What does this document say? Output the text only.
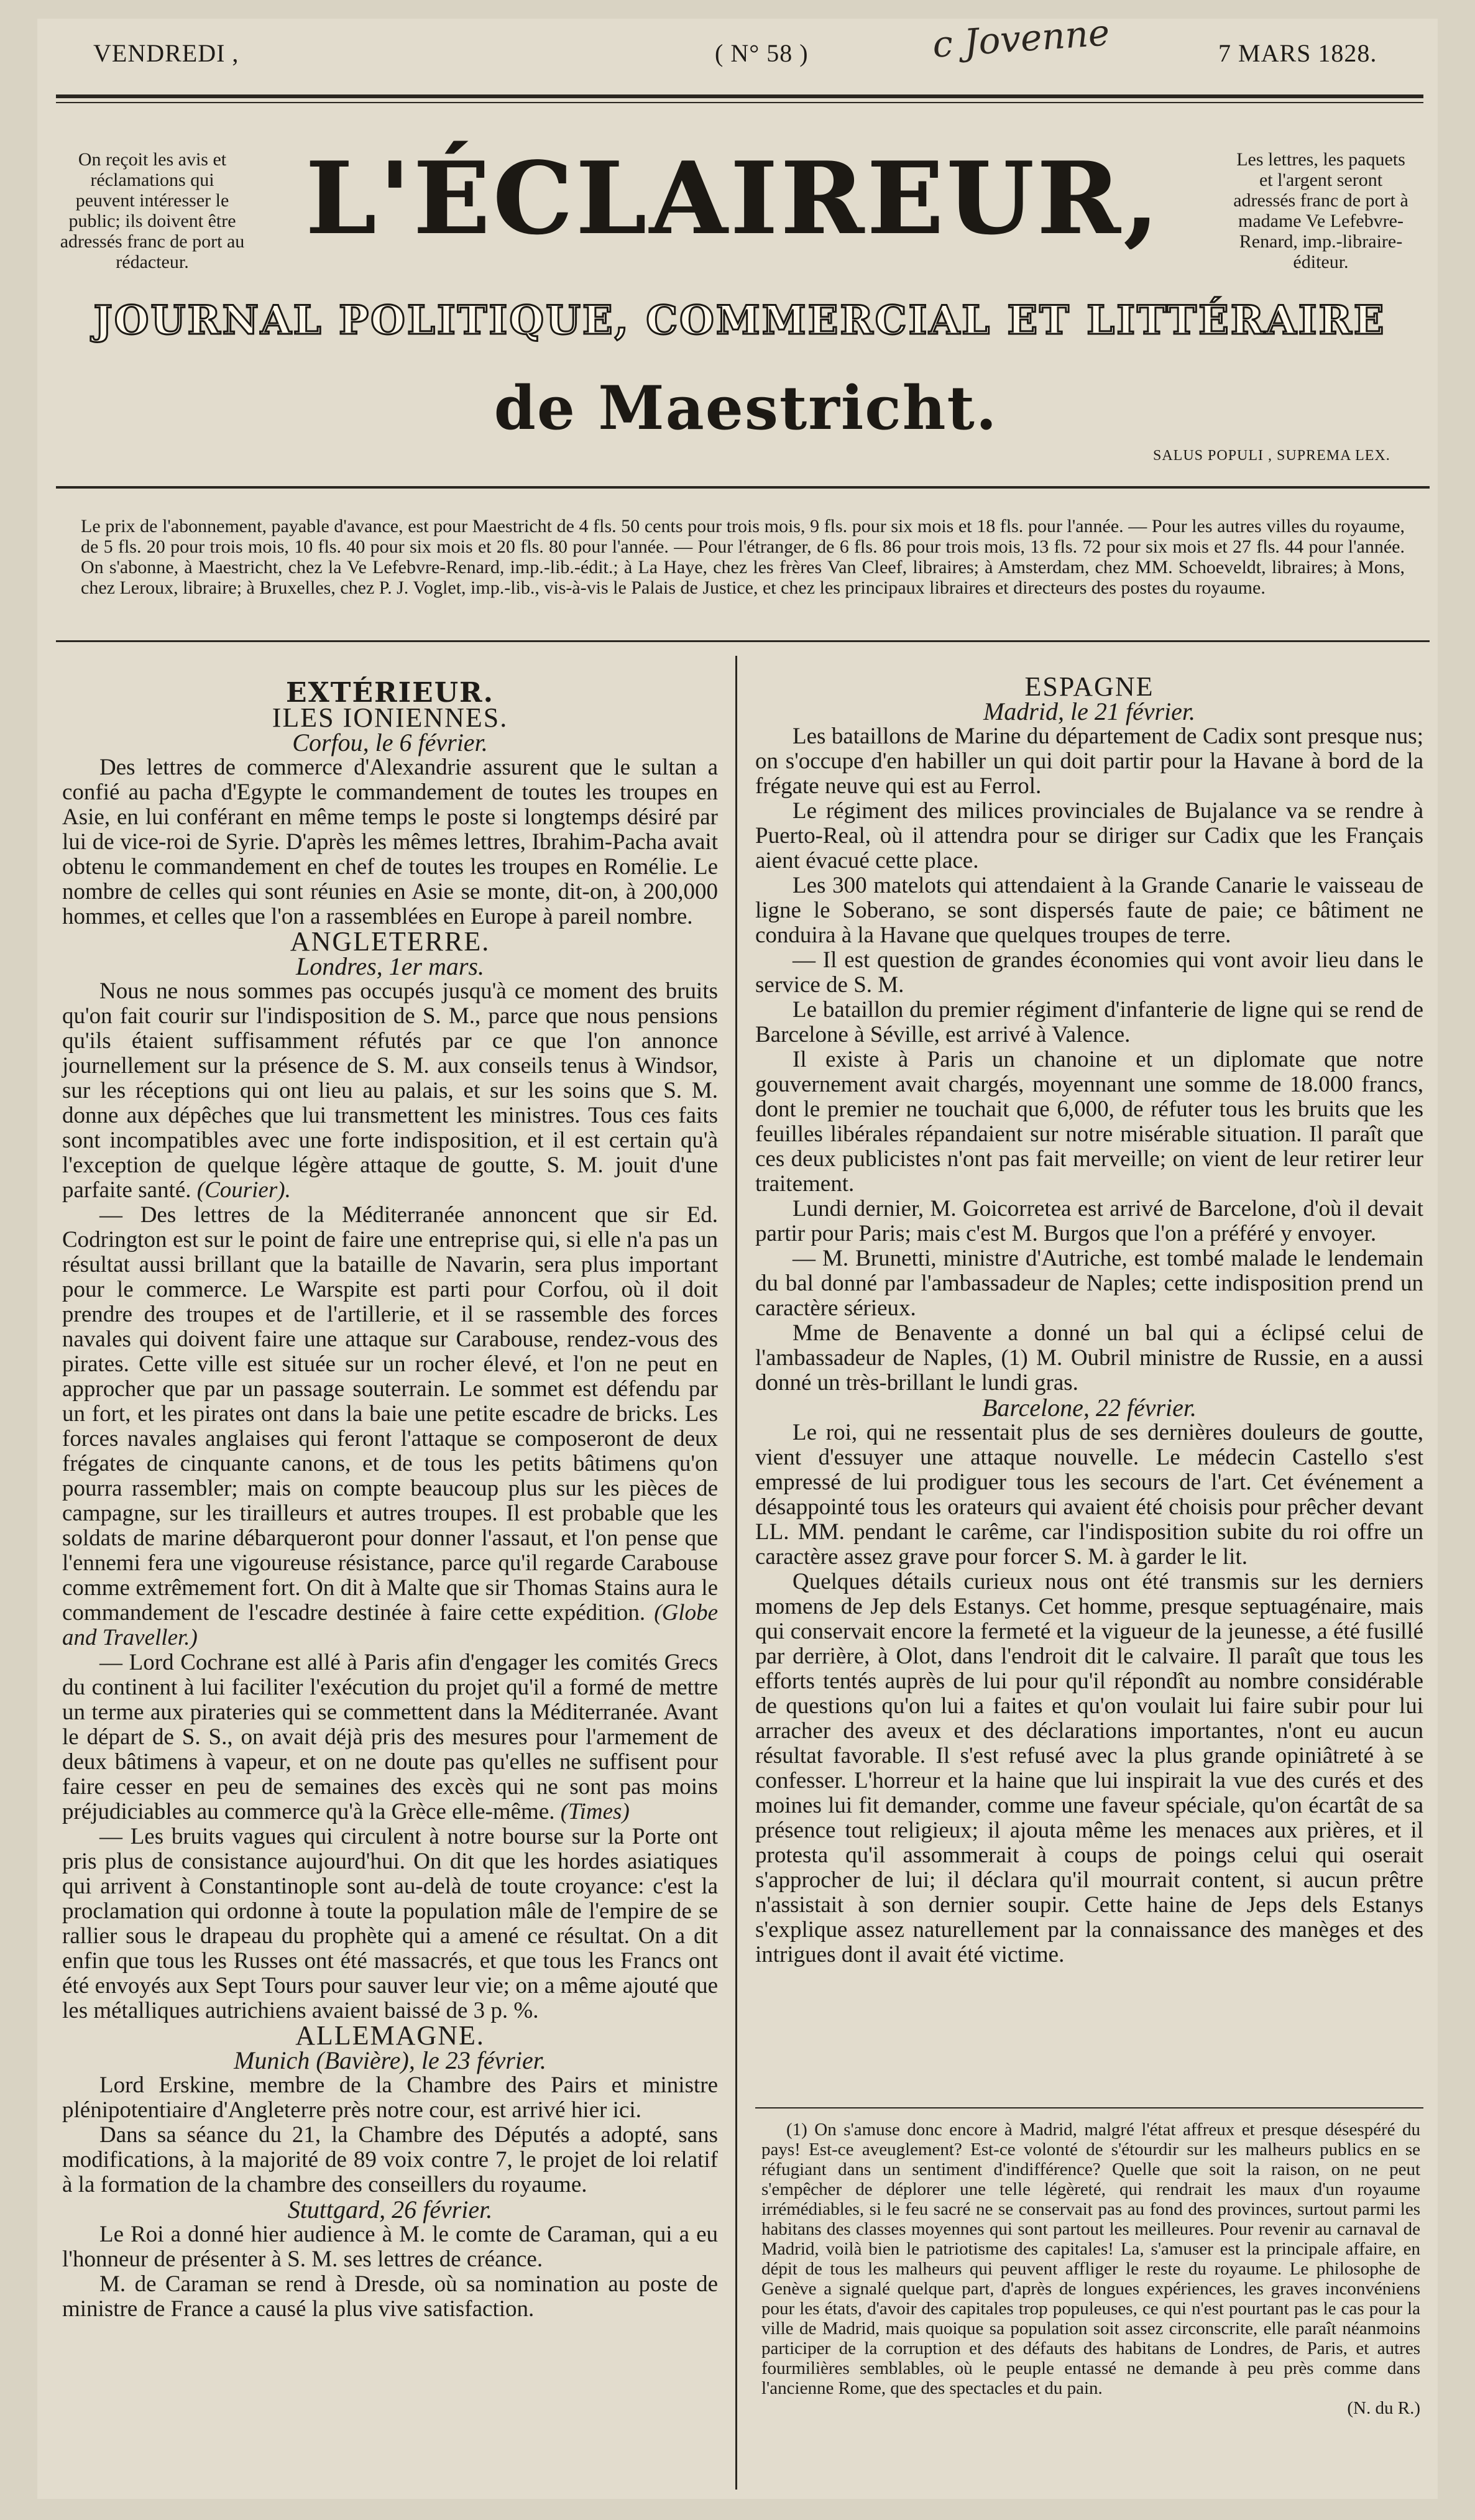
VENDREDI ,	( N° 58 )	c Jovenne	7 MARS 1828.
On reçoit les avis et réclamations qui peuvent intéresser le public; ils doivent être adressés franc de port au rédacteur.
L'ÉCLAIREUR,	Les lettres, les paquets et l'argent seront adressés franc de port à madame Ve Lefebvre-Renard, imp.-libraire-éditeur.
JOURNAL POLITIQUE, COMMERCIAL ET LITTÉRAIRE
de Maestricht.
SALUS POPULI , SUPREMA LEX.
Le prix de l'abonnement, payable d'avance, est pour Maestricht de 4 fls. 50 cents pour trois mois, 9 fls. pour six mois et 18 fls. pour l'année. — Pour les autres villes du royaume, de 5 fls. 20 pour trois mois, 10 fls. 40 pour six mois et 20 fls. 80 pour l'année. — Pour l'étranger, de 6 fls. 86 pour trois mois, 13 fls. 72 pour six mois et 27 fls. 44 pour l'année. On s'abonne, à Maestricht, chez la Ve Lefebvre-Renard, imp.-lib.-édit.; à La Haye, chez les frères Van Cleef, libraires; à Amsterdam, chez MM. Schoeveldt, libraires; à Mons, chez Leroux, libraire; à Bruxelles, chez P. J. Voglet, imp.-lib., vis-à-vis le Palais de Justice, et chez les principaux libraires et directeurs des postes du royaume.
EXTÉRIEUR.
ILES IONIENNES.
Corfou, le 6 février.

Des lettres de commerce d'Alexandrie assurent que le sultan a confié au pacha d'Egypte le commandement de toutes les troupes en Asie, en lui conférant en même temps le poste si longtemps désiré par lui de vice-roi de Syrie. D'après les mêmes lettres, Ibrahim-Pacha avait obtenu le commandement en chef de toutes les troupes en Romélie. Le nombre de celles qui sont réunies en Asie se monte, dit-on, à 200,000 hommes, et celles que l'on a rassemblées en Europe à pareil nombre.

ANGLETERRE.
Londres, 1er mars.

Nous ne nous sommes pas occupés jusqu'à ce moment des bruits qu'on fait courir sur l'indisposition de S. M., parce que nous pensions qu'ils étaient suffisamment réfutés par ce que l'on annonce journellement sur la présence de S. M. aux conseils tenus à Windsor, sur les réceptions qui ont lieu au palais, et sur les soins que S. M. donne aux dépêches que lui transmettent les ministres. Tous ces faits sont incompatibles avec une forte indisposition, et il est certain qu'à l'exception de quelque légère attaque de goutte, S. M. jouit d'une parfaite santé. (Courier).

— Des lettres de la Méditerranée annoncent que sir Ed. Codrington est sur le point de faire une entreprise qui, si elle n'a pas un résultat aussi brillant que la bataille de Navarin, sera plus important pour le commerce. Le Warspite est parti pour Corfou, où il doit prendre des troupes et de l'artillerie, et il se rassemble des forces navales qui doivent faire une attaque sur Carabouse, rendez-vous des pirates. Cette ville est située sur un rocher élevé, et l'on ne peut en approcher que par un passage souterrain. Le sommet est défendu par un fort, et les pirates ont dans la baie une petite escadre de bricks. Les forces navales anglaises qui feront l'attaque se composeront de deux frégates de cinquante canons, et de tous les petits bâtimens qu'on pourra rassembler; mais on compte beaucoup plus sur les pièces de campagne, sur les tirailleurs et autres troupes. Il est probable que les soldats de marine débarqueront pour donner l'assaut, et l'on pense que l'ennemi fera une vigoureuse résistance, parce qu'il regarde Carabouse comme extrêmement fort. On dit à Malte que sir Thomas Stains aura le commandement de l'escadre destinée à faire cette expédition. (Globe and Traveller.)

— Lord Cochrane est allé à Paris afin d'engager les comités Grecs du continent à lui faciliter l'exécution du projet qu'il a formé de mettre un terme aux pirateries qui se commettent dans la Méditerranée. Avant le départ de S. S., on avait déjà pris des mesures pour l'armement de deux bâtimens à vapeur, et on ne doute pas qu'elles ne suffisent pour faire cesser en peu de semaines des excès qui ne sont pas moins préjudiciables au commerce qu'à la Grèce elle-même. (Times)

— Les bruits vagues qui circulent à notre bourse sur la Porte ont pris plus de consistance aujourd'hui. On dit que les hordes asiatiques qui arrivent à Constantinople sont au-delà de toute croyance: c'est la proclamation qui ordonne à toute la population mâle de l'empire de se rallier sous le drapeau du prophète qui a amené ce résultat. On a dit enfin que tous les Russes ont été massacrés, et que tous les Francs ont été envoyés aux Sept Tours pour sauver leur vie; on a même ajouté que les métalliques autrichiens avaient baissé de 3 p. %.

ALLEMAGNE.
Munich (Bavière), le 23 février.

Lord Erskine, membre de la Chambre des Pairs et ministre plénipotentiaire d'Angleterre près notre cour, est arrivé hier ici.

Dans sa séance du 21, la Chambre des Députés a adopté, sans modifications, à la majorité de 89 voix contre 7, le projet de loi relatif à la formation de la chambre des conseillers du royaume.

Stuttgard, 26 février.

Le Roi a donné hier audience à M. le comte de Caraman, qui a eu l'honneur de présenter à S. M. ses lettres de créance.

M. de Caraman se rend à Dresde, où sa nomination au poste de ministre de France a causé la plus vive satisfaction.

ESPAGNE
Madrid, le 21 février.

Les bataillons de Marine du département de Cadix sont presque nus; on s'occupe d'en habiller un qui doit partir pour la Havane à bord de la frégate neuve qui est au Ferrol.

Le régiment des milices provinciales de Bujalance va se rendre à Puerto-Real, où il attendra pour se diriger sur Cadix que les Français aient évacué cette place.

Les 300 matelots qui attendaient à la Grande Canarie le vaisseau de ligne le Soberano, se sont dispersés faute de paie; ce bâtiment ne conduira à la Havane que quelques troupes de terre.

— Il est question de grandes économies qui vont avoir lieu dans le service de S. M.

Le bataillon du premier régiment d'infanterie de ligne qui se rend de Barcelone à Séville, est arrivé à Valence.

Il existe à Paris un chanoine et un diplomate que notre gouvernement avait chargés, moyennant une somme de 18.000 francs, dont le premier ne touchait que 6,000, de réfuter tous les bruits que les feuilles libérales répandaient sur notre misérable situation. Il paraît que ces deux publicistes n'ont pas fait merveille; on vient de leur retirer leur traitement.

Lundi dernier, M. Goicorretea est arrivé de Barcelone, d'où il devait partir pour Paris; mais c'est M. Burgos que l'on a préféré y envoyer.

— M. Brunetti, ministre d'Autriche, est tombé malade le lendemain du bal donné par l'ambassadeur de Naples; cette indisposition prend un caractère sérieux.

Mme de Benavente a donné un bal qui a éclipsé celui de l'ambassadeur de Naples, (1) M. Oubril ministre de Russie, en a aussi donné un très-brillant le lundi gras.

Barcelone, 22 février.

Le roi, qui ne ressentait plus de ses dernières douleurs de goutte, vient d'essuyer une attaque nouvelle. Le médecin Castello s'est empressé de lui prodiguer tous les secours de l'art. Cet événement a désappointé tous les orateurs qui avaient été choisis pour prêcher devant LL. MM. pendant le carême, car l'indisposition subite du roi offre un caractère assez grave pour forcer S. M. à garder le lit.

Quelques détails curieux nous ont été transmis sur les derniers momens de Jep dels Estanys. Cet homme, presque septuagénaire, mais qui conservait encore la fermeté et la vigueur de la jeunesse, a été fusillé par derrière, à Olot, dans l'endroit dit le calvaire. Il paraît que tous les efforts tentés auprès de lui pour qu'il répondît au nombre considérable de questions qu'on lui a faites et qu'on voulait lui faire subir pour lui arracher des aveux et des déclarations importantes, n'ont eu aucun résultat favorable. Il s'est refusé avec la plus grande opiniâtreté à se confesser. L'horreur et la haine que lui inspirait la vue des curés et des moines lui fit demander, comme une faveur spéciale, qu'on écartât de sa présence tout religieux; il ajouta même les menaces aux prières, et il protesta qu'il assommerait à coups de poings celui qui oserait s'approcher de lui; il déclara qu'il mourrait content, si aucun prêtre n'assistait à son dernier soupir. Cette haine de Jeps dels Estanys s'explique assez naturellement par la connaissance des manèges et des intrigues dont il avait été victime.

(1) On s'amuse donc encore à Madrid, malgré l'état affreux et presque désespéré du pays! Est-ce aveuglement? Est-ce volonté de s'étourdir sur les malheurs publics en se réfugiant dans un sentiment d'indifférence? Quelle que soit la raison, on ne peut s'empêcher de déplorer une telle légèreté, qui rendrait les maux d'un royaume irrémédiables, si le feu sacré ne se conservait pas au fond des provinces, surtout parmi les habitans des classes moyennes qui sont partout les meilleures. Pour revenir au carnaval de Madrid, voilà bien le patriotisme des capitales! La, s'amuser est la principale affaire, en dépit de tous les malheurs qui peuvent affliger le reste du royaume. Le philosophe de Genève a signalé quelque part, d'après de longues expériences, les graves inconvéniens pour les états, d'avoir des capitales trop populeuses, ce qui n'est pourtant pas le cas pour la ville de Madrid, mais quoique sa population soit assez circonscrite, elle paraît néanmoins participer de la corruption et des défauts des habitans de Londres, de Paris, et autres fourmilières semblables, où le peuple entassé ne demande à peu près comme dans l'ancienne Rome, que des spectacles et du pain.

(N. du R.)
